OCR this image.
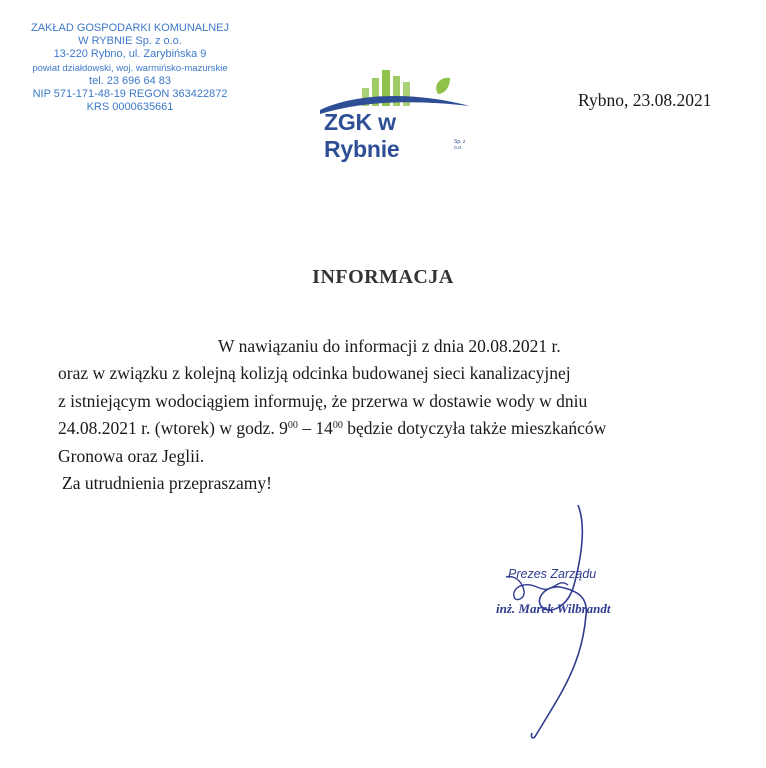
ZAKŁAD GOSPODARKI KOMUNALNEJ
W RYBNIE Sp. z o.o.
13-220 Rybno, ul. Zarybińska 9
powiat działdowski, woj. warmińsko-mazurskie
tel. 23 696 64 83
NIP 571-171-48-19 REGON 363422872
KRS 0000635661
ZGK w Rybnie	Sp. z o.o.
Rybno, 23.08.2021
INFORMACJA
W nawiązaniu do informacji z dnia 20.08.2021 r.
oraz w związku z kolejną kolizją odcinka budowanej sieci kanalizacyjnej
z istniejącym wodociągiem informuję, że przerwa w dostawie wody w dniu
24.08.2021 r. (wtorek) w godz. $9^{00} - 14^{00}$ będzie dotyczyła także mieszkańców
Gronowa oraz Jeglii.
Za utrudnienia przepraszamy!
Prezes Zarządu
inż. Marek Wilbrandt
